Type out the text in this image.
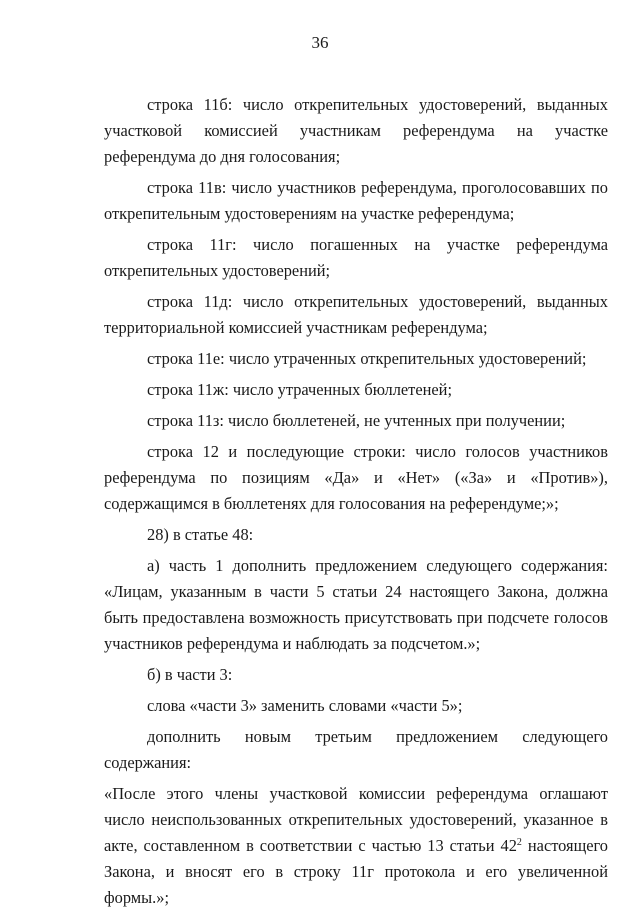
36

строка 11б: число открепительных удостоверений, выданных участковой комиссией участникам референдума на участке референдума до дня голосования;

строка 11в: число участников референдума, проголосовавших по открепительным удостоверениям на участке референдума;

строка 11г: число погашенных на участке референдума открепительных удостоверений;

строка 11д: число открепительных удостоверений, выданных территориальной комиссией участникам референдума;

строка 11е: число утраченных открепительных удостоверений;

строка 11ж: число утраченных бюллетеней;

строка 11з: число бюллетеней, не учтенных при получении;

строка 12 и последующие строки: число голосов участников референдума по позициям «Да» и «Нет» («За» и «Против»), содержащимся в бюллетенях для голосования на референдуме;»;

28) в статье 48:

а) часть 1 дополнить предложением следующего содержания: «Лицам, указанным в части 5 статьи 24 настоящего Закона, должна быть предоставлена возможность присутствовать при подсчете голосов участников референдума и наблюдать за подсчетом.»;

б) в части 3:

слова «части 3» заменить словами «части 5»;

дополнить новым третьим предложением следующего содержания:

«После этого члены участковой комиссии референдума оглашают число неиспользованных открепительных удостоверений, указанное в акте, составленном в соответствии с частью 13 статьи $42^2$ настоящего Закона, и вносят его в строку 11г протокола и его увеличенной формы.»;
